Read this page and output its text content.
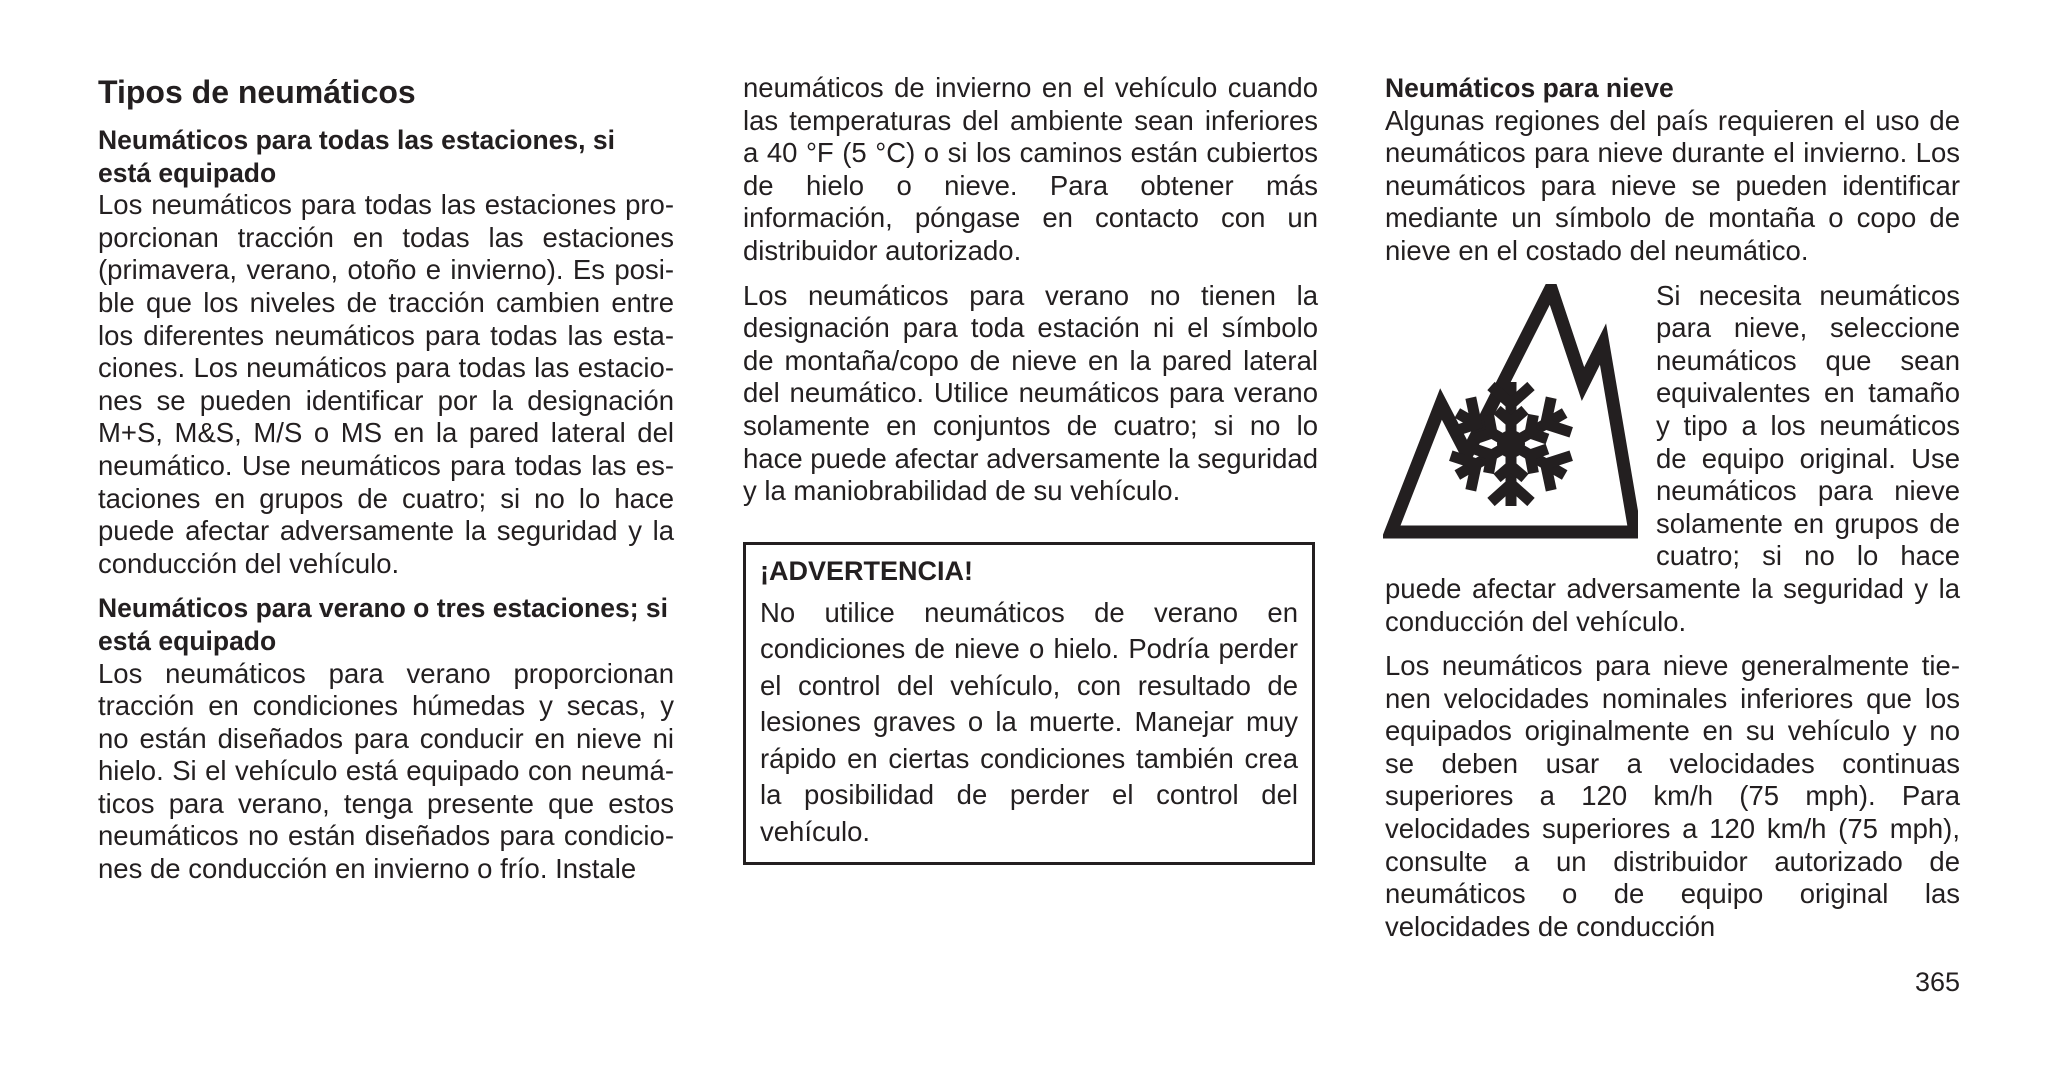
Tipos de neumáticos
Neumáticos para todas las estaciones, si está equipado

Los neumáticos para todas las estaciones proporcionan tracción en todas las estaciones (primavera, verano, otoño e invierno). Es posible que los niveles de tracción cambien entre los diferentes neumáticos para todas las estaciones. Los neumáticos para todas las estaciones se pueden identificar por la designación M+S, M&S, M/S o MS en la pared lateral del neumático. Use neumáticos para todas las estaciones en grupos de cuatro; si no lo hace puede afectar adversamente la seguridad y la conducción del vehículo.

Neumáticos para verano o tres estaciones; si está equipado

Los neumáticos para verano proporcionan tracción en condiciones húmedas y secas, y no están diseñados para conducir en nieve ni hielo. Si el vehículo está equipado con neumáticos para verano, tenga presente que estos neumáticos no están diseñados para condiciones de conducción en invierno o frío. Instale

neumáticos de invierno en el vehículo cuando las temperaturas del ambiente sean inferiores a 40 °F (5 °C) o si los caminos están cubiertos de hielo o nieve. Para obtener más información, póngase en contacto con un distribuidor autorizado.

Los neumáticos para verano no tienen la designación para toda estación ni el símbolo de montaña/copo de nieve en la pared lateral del neumático. Utilice neumáticos para verano solamente en conjuntos de cuatro; si no lo hace puede afectar adversamente la seguridad y la maniobrabilidad de su vehículo.

¡ADVERTENCIA!

No utilice neumáticos de verano en condiciones de nieve o hielo. Podría perder el control del vehículo, con resultado de lesiones graves o la muerte. Manejar muy rápido en ciertas condiciones también crea la posibilidad de perder el control del vehículo.

Neumáticos para nieve

Algunas regiones del país requieren el uso de neumáticos para nieve durante el invierno. Los neumáticos para nieve se pueden identificar mediante un símbolo de montaña o copo de nieve en el costado del neumático.

Si necesita neumáticos para nieve, seleccione neumáticos que sean equivalentes en tamaño y tipo a los neumáticos de equipo original. Use neumáticos para nieve solamente en grupos de cuatro; si no lo hace puede afectar adversamente la seguridad y la conducción del vehículo.

Los neumáticos para nieve generalmente tienen velocidades nominales inferiores que los equipados originalmente en su vehículo y no se deben usar a velocidades continuas superiores a 120 km/h (75 mph). Para velocidades superiores a 120 km/h (75 mph), consulte a un distribuidor autorizado de neumáticos o de equipo original las velocidades de conducción

365
